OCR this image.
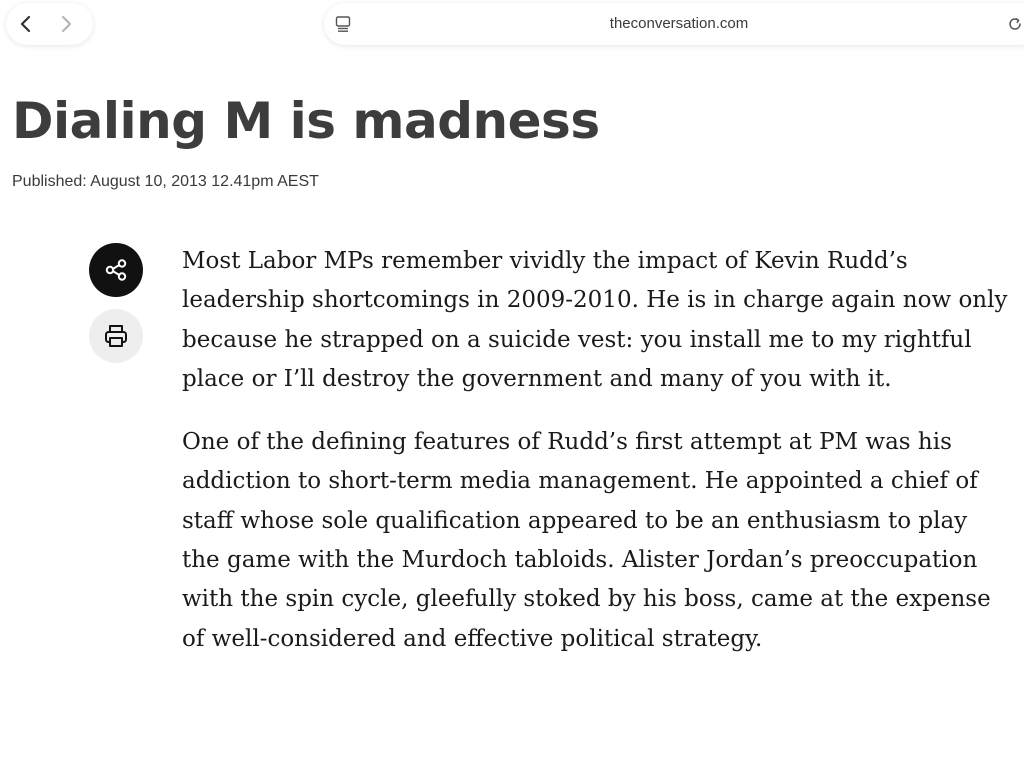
theconversation.com
Dialing M is madness
Published: August 10, 2013 12.41pm AEST

Most Labor MPs remember vividly the impact of Kevin Rudd’s leadership shortcomings in 2009-2010. He is in charge again now only because he strapped on a suicide vest: you install me to my rightful place or I’ll destroy the government and many of you with it.

One of the defining features of Rudd’s first attempt at PM was his addiction to short-term media management. He appointed a chief of staff whose sole qualification appeared to be an enthusiasm to play the game with the Murdoch tabloids. Alister Jordan’s preoccupation with the spin cycle, gleefully stoked by his boss, came at the expense of well-considered and effective political strategy.
